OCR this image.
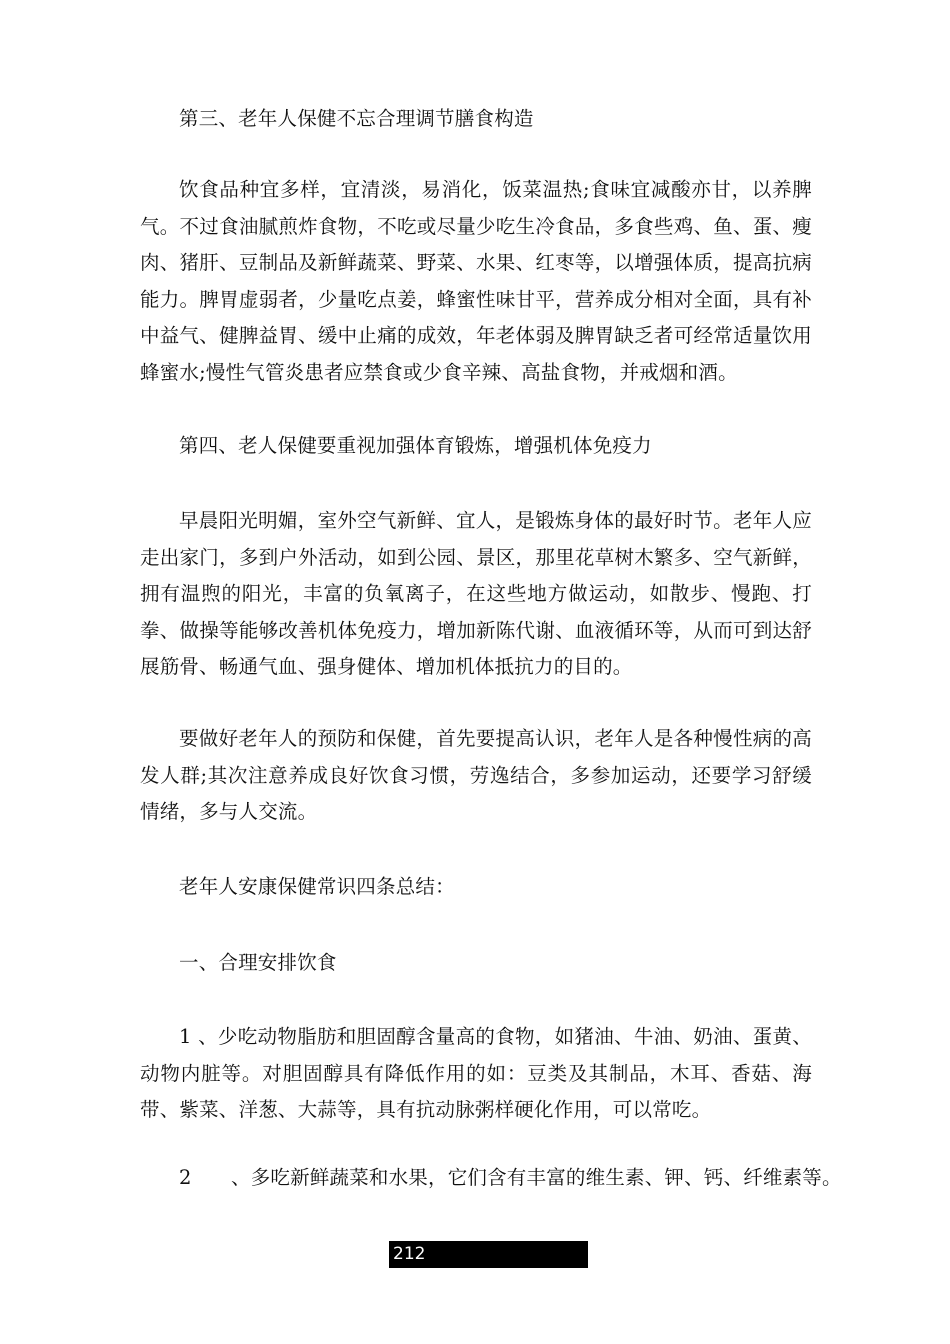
第三、老年人保健不忘合理调节膳食构造

饮食品种宜多样，宜清淡，易消化，饭菜温热;食味宜减酸亦甘，以养脾气。不过食油腻煎炸食物，不吃或尽量少吃生冷食品，多食些鸡、鱼、蛋、瘦肉、猪肝、豆制品及新鲜蔬菜、野菜、水果、红枣等，以增强体质，提高抗病能力。脾胃虚弱者，少量吃点姜，蜂蜜性味甘平，营养成分相对全面，具有补中益气、健脾益胃、缓中止痛的成效，年老体弱及脾胃缺乏者可经常适量饮用蜂蜜水;慢性气管炎患者应禁食或少食辛辣、高盐食物，并戒烟和酒。

第四、老人保健要重视加强体育锻炼，增强机体免疫力

早晨阳光明媚，室外空气新鲜、宜人，是锻炼身体的最好时节。老年人应走出家门，多到户外活动，如到公园、景区，那里花草树木繁多、空气新鲜，拥有温煦的阳光，丰富的负氧离子，在这些地方做运动，如散步、慢跑、打拳、做操等能够改善机体免疫力，增加新陈代谢、血液循环等，从而可到达舒展筋骨、畅通气血、强身健体、增加机体抵抗力的目的。

要做好老年人的预防和保健，首先要提高认识，老年人是各种慢性病的高发人群;其次注意养成良好饮食习惯，劳逸结合，多参加运动，还要学习舒缓情绪，多与人交流。

老年人安康保健常识四条总结：

一、合理安排饮食

1 、少吃动物脂肪和胆固醇含量高的食物，如猪油、牛油、奶油、蛋黄、动物内脏等。对胆固醇具有降低作用的如：豆类及其制品，木耳、香菇、海带、紫菜、洋葱、大蒜等，具有抗动脉粥样硬化作用，可以常吃。

2　　、多吃新鲜蔬菜和水果，它们含有丰富的维生素、钾、钙、纤维素等。

212
